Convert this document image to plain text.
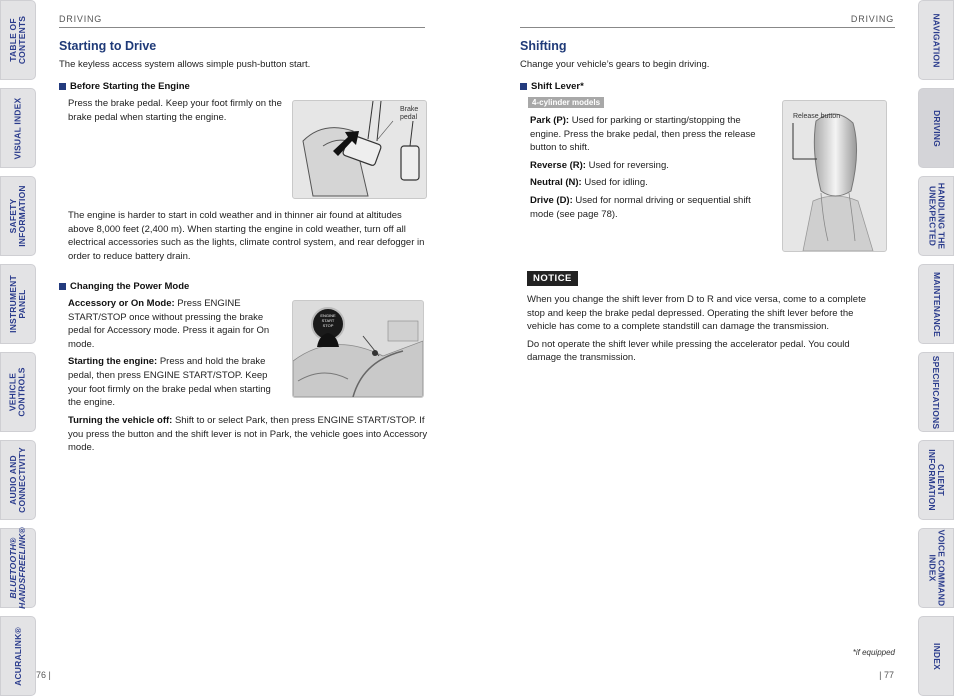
TABLE OF
CONTENTS
VISUAL INDEX
SAFETY
INFORMATION
INSTRUMENT
PANEL
VEHICLE
CONTROLS
AUDIO AND
CONNECTIVITY
BLUETOOTH®
HANDSFREELINK®
ACURALINK®
NAVIGATION
DRIVING
HANDLING THE
UNEXPECTED
MAINTENANCE
SPECIFICATIONS
CLIENT
INFORMATION
VOICE COMMAND
INDEX
INDEX
DRIVING
Starting to Drive
The keyless access system allows simple push-button start.
Before Starting the Engine
Press the brake pedal. Keep your foot firmly on the brake pedal when starting the engine.
Brake
pedal
The engine is harder to start in cold weather and in thinner air found at altitudes above 8,000 feet (2,400 m). When starting the engine in cold weather, turn off all electrical accessories such as the lights, climate control system, and rear defogger in order to reduce battery drain.
Changing the Power Mode

Accessory or On Mode: Press ENGINE START/STOP once without pressing the brake pedal for Accessory mode. Press it again for On mode.

Starting the engine: Press and hold the brake pedal, then press ENGINE START/STOP. Keep your foot firmly on the brake pedal when starting the engine.

Turning the vehicle off: Shift to or select Park, then press ENGINE START/STOP. If you press the button and the shift lever is not in Park, the vehicle goes into Accessory mode.
ENGINE
START
STOP
76 |
DRIVING
Shifting
Change your vehicle’s gears to begin driving.
Shift Lever*
4-cylinder models

Park (P): Used for parking or starting/stopping the engine. Press the brake pedal, then press the release button to shift.

Reverse (R): Used for reversing.

Neutral (N): Used for idling.

Drive (D): Used for normal driving or sequential shift mode (see page 78).

Release button
NOTICE

When you change the shift lever from D to R and vice versa, come to a complete stop and keep the brake pedal depressed. Operating the shift lever before the vehicle has come to a complete standstill can damage the transmission.

Do not operate the shift lever while pressing the accelerator pedal. You could damage the transmission.

*if equipped
| 77
